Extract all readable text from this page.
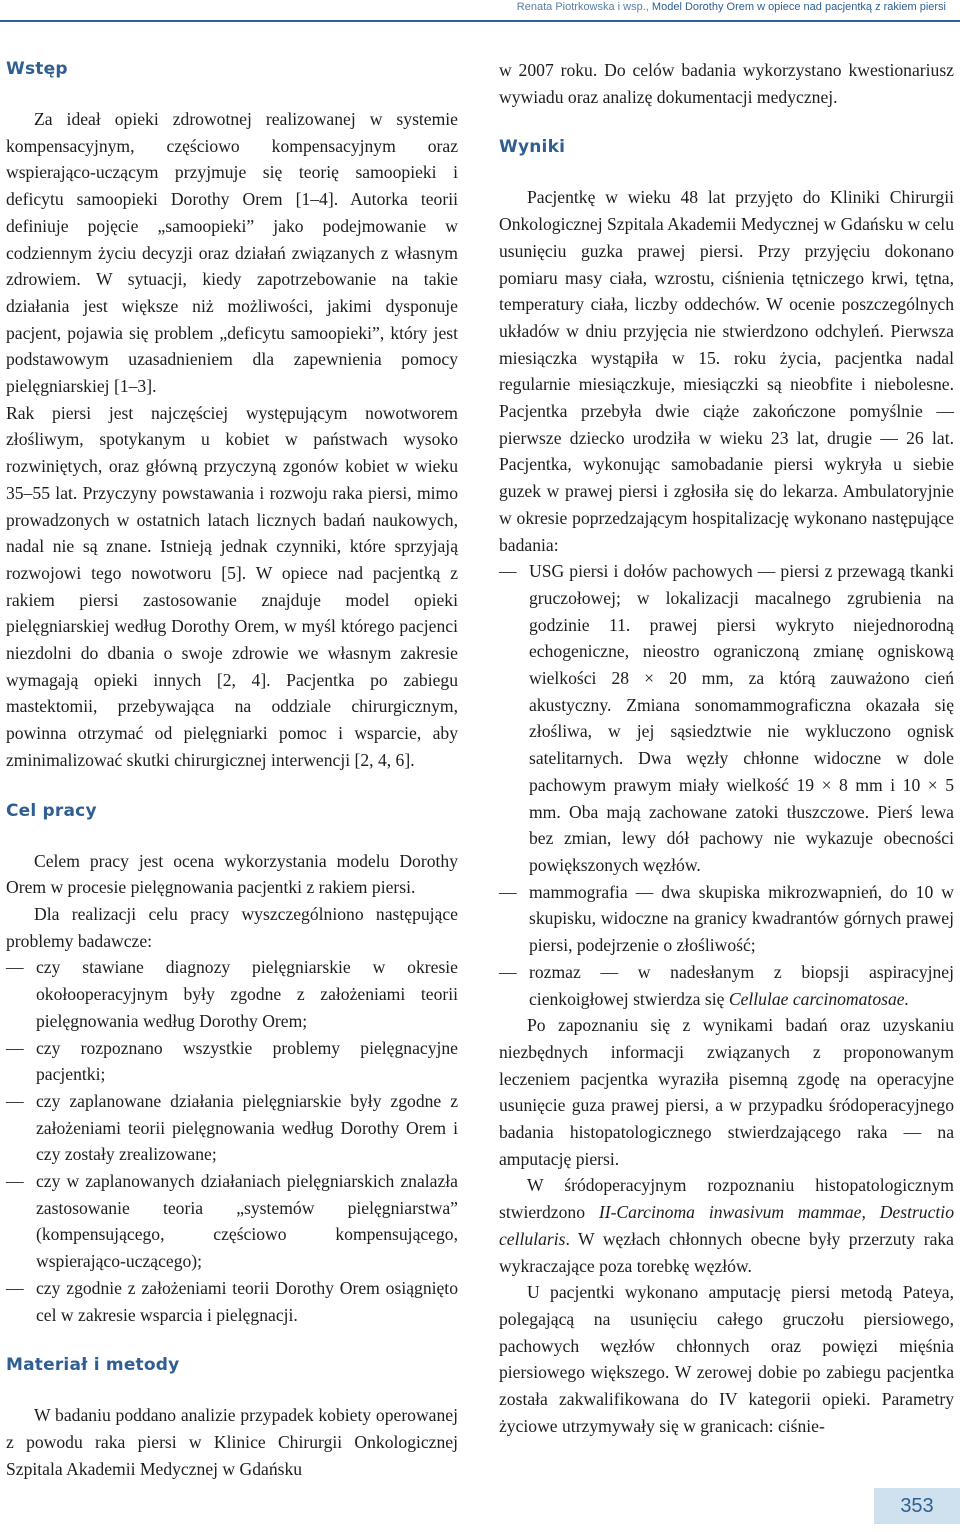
Renata Piotrkowska i wsp., Model Dorothy Orem w opiece nad pacjentką z rakiem piersi
Wstęp

Za ideał opieki zdrowotnej realizowanej w systemie kompensacyjnym, częściowo kompensacyjnym oraz wspierająco-uczącym przyjmuje się teorię samoopieki i deficytu samoopieki Dorothy Orem [1–4]. Autorka teorii definiuje pojęcie „samoopieki” jako podejmowanie w codziennym życiu decyzji oraz działań związanych z własnym zdrowiem. W sytuacji, kiedy zapotrzebowanie na takie działania jest większe niż możliwości, jakimi dysponuje pacjent, pojawia się problem „deficytu samoopieki”, który jest podstawowym uzasadnieniem dla zapewnienia pomocy pielęgniarskiej [1–3].

Rak piersi jest najczęściej występującym nowotworem złośliwym, spotykanym u kobiet w państwach wysoko rozwiniętych, oraz główną przyczyną zgonów kobiet w wieku 35–55 lat. Przyczyny powstawania i rozwoju raka piersi, mimo prowadzonych w ostatnich latach licznych badań naukowych, nadal nie są znane. Istnieją jednak czynniki, które sprzyjają rozwojowi tego nowotworu [5]. W opiece nad pacjentką z rakiem piersi zastosowanie znajduje model opieki pielęgniarskiej według Dorothy Orem, w myśl którego pacjenci niezdolni do dbania o swoje zdrowie we własnym zakresie wymagają opieki innych [2, 4]. Pacjentka po zabiegu mastektomii, przebywająca na oddziale chirurgicznym, powinna otrzymać od pielęgniarki pomoc i wsparcie, aby zminimalizować skutki chirurgicznej interwencji [2, 4, 6].

Cel pracy

Celem pracy jest ocena wykorzystania modelu Dorothy Orem w procesie pielęgnowania pacjentki z rakiem piersi.

Dla realizacji celu pracy wyszczególniono następujące problemy badawcze:

— czy stawiane diagnozy pielęgniarskie w okresie okołooperacyjnym były zgodne z założeniami teorii pielęgnowania według Dorothy Orem;
— czy rozpoznano wszystkie problemy pielęgnacyjne pacjentki;
— czy zaplanowane działania pielęgniarskie były zgodne z założeniami teorii pielęgnowania według Dorothy Orem i czy zostały zrealizowane;
— czy w zaplanowanych działaniach pielęgniarskich znalazła zastosowanie teoria „systemów pielęgniarstwa” (kompensującego, częściowo kompensującego, wspierająco-uczącego);
— czy zgodnie z założeniami teorii Dorothy Orem osiągnięto cel w zakresie wsparcia i pielęgnacji.
Materiał i metody

W badaniu poddano analizie przypadek kobiety operowanej z powodu raka piersi w Klinice Chirurgii Onkologicznej Szpitala Akademii Medycznej w Gdańsku

w 2007 roku. Do celów badania wykorzystano kwestionariusz wywiadu oraz analizę dokumentacji medycznej.

Wyniki

Pacjentkę w wieku 48 lat przyjęto do Kliniki Chirurgii Onkologicznej Szpitala Akademii Medycznej w Gdańsku w celu usunięciu guzka prawej piersi. Przy przyjęciu dokonano pomiaru masy ciała, wzrostu, ciśnienia tętniczego krwi, tętna, temperatury ciała, liczby oddechów. W ocenie poszczególnych układów w dniu przyjęcia nie stwierdzono odchyleń. Pierwsza miesiączka wystąpiła w 15. roku życia, pacjentka nadal regularnie miesiączkuje, miesiączki są nieobfite i niebolesne. Pacjentka przebyła dwie ciąże zakończone pomyślnie — pierwsze dziecko urodziła w wieku 23 lat, drugie — 26 lat. Pacjentka, wykonując samobadanie piersi wykryła u siebie guzek w prawej piersi i zgłosiła się do lekarza. Ambulatoryjnie w okresie poprzedzającym hospitalizację wykonano następujące badania:

— USG piersi i dołów pachowych — piersi z przewagą tkanki gruczołowej; w lokalizacji macalnego zgrubienia na godzinie 11. prawej piersi wykryto niejednorodną echogeniczne, nieostro ograniczoną zmianę ogniskową wielkości 28 × 20 mm, za którą zauważono cień akustyczny. Zmiana sonomammograficzna okazała się złośliwa, w jej sąsiedztwie nie wykluczono ognisk satelitarnych. Dwa węzły chłonne widoczne w dole pachowym prawym miały wielkość 19 × 8 mm i 10 × 5 mm. Oba mają zachowane zatoki tłuszczowe. Pierś lewa bez zmian, lewy dół pachowy nie wykazuje obecności powiększonych węzłów.
— mammografia — dwa skupiska mikrozwapnień, do 10 w skupisku, widoczne na granicy kwadrantów górnych prawej piersi, podejrzenie o złośliwość;
— rozmaz — w nadesłanym z biopsji aspiracyjnej cienkoigłowej stwierdza się Cellulae carcinomatosae.

Po zapoznaniu się z wynikami badań oraz uzyskaniu niezbędnych informacji związanych z proponowanym leczeniem pacjentka wyraziła pisemną zgodę na operacyjne usunięcie guza prawej piersi, a w przypadku śródoperacyjnego badania histopatologicznego stwierdzającego raka — na amputację piersi.

W śródoperacyjnym rozpoznaniu histopatologicznym stwierdzono II-Carcinoma inwasivum mammae, Destructio cellularis. W węzłach chłonnych obecne były przerzuty raka wykraczające poza torebkę węzłów.

U pacjentki wykonano amputację piersi metodą Pateya, polegającą na usunięciu całego gruczołu piersiowego, pachowych węzłów chłonnych oraz powięzi mięśnia piersiowego większego. W zerowej dobie po zabiegu pacjentka została zakwalifikowana do IV kategorii opieki. Parametry życiowe utrzymywały się w granicach: ciśnie-

353
